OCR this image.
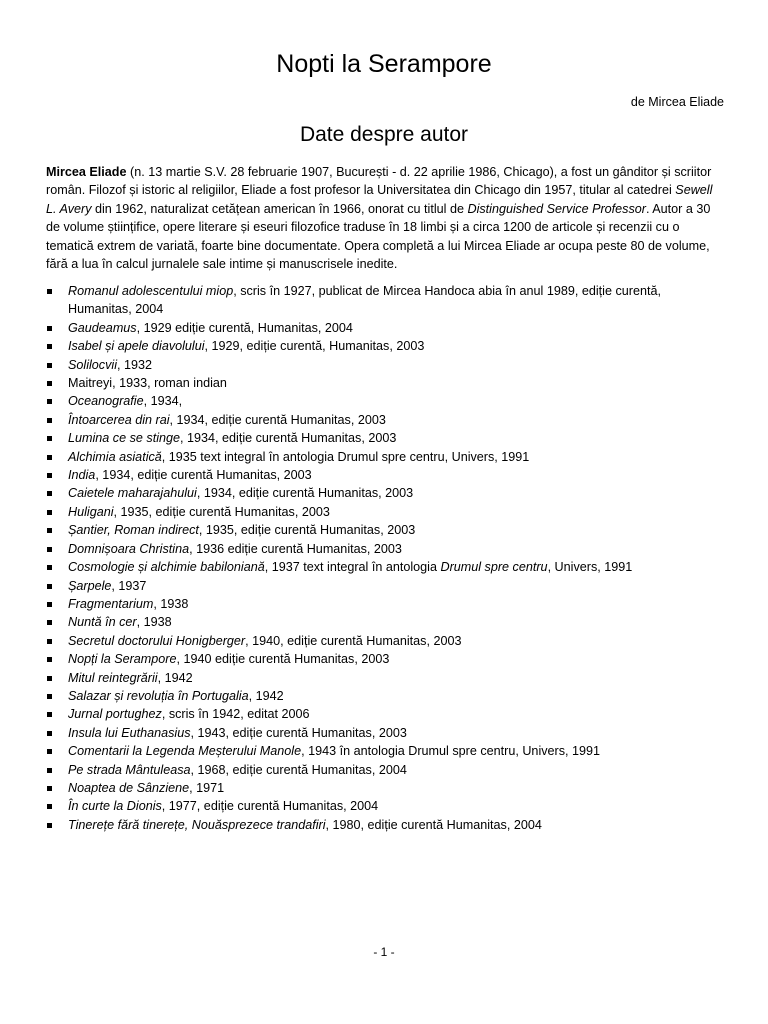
Nopti la Serampore
de Mircea Eliade
Date despre autor

Mircea Eliade (n. 13 martie S.V. 28 februarie 1907, București - d. 22 aprilie 1986, Chicago), a fost un gânditor și scriitor român. Filozof și istoric al religiilor, Eliade a fost profesor la Universitatea din Chicago din 1957, titular al catedrei Sewell L. Avery din 1962, naturalizat cetățean american în 1966, onorat cu titlul de Distinguished Service Professor. Autor a 30 de volume științifice, opere literare și eseuri filozofice traduse în 18 limbi și a circa 1200 de articole și recenzii cu o tematică extrem de variată, foarte bine documentate. Opera completă a lui Mircea Eliade ar ocupa peste 80 de volume, fără a lua în calcul jurnalele sale intime și manuscrisele inedite.

Romanul adolescentului miop, scris în 1927, publicat de Mircea Handoca abia în anul 1989, ediție curentă, Humanitas, 2004
Gaudeamus, 1929 ediție curentă, Humanitas, 2004
Isabel și apele diavolului, 1929, ediție curentă, Humanitas, 2003
Solilocvii, 1932
Maitreyi, 1933, roman indian
Oceanografie, 1934,
Întoarcerea din rai, 1934, ediție curentă Humanitas, 2003
Lumina ce se stinge, 1934, ediție curentă Humanitas, 2003
Alchimia asiatică, 1935 text integral în antologia Drumul spre centru, Univers, 1991
India, 1934, ediție curentă Humanitas, 2003
Caietele maharajahului, 1934, ediție curentă Humanitas, 2003
Huligani, 1935, ediție curentă Humanitas, 2003
Șantier, Roman indirect, 1935, ediție curentă Humanitas, 2003
Domnișoara Christina, 1936 ediție curentă Humanitas, 2003
Cosmologie și alchimie babiloniană, 1937 text integral în antologia Drumul spre centru, Univers, 1991
Șarpele, 1937
Fragmentarium, 1938
Nuntă în cer, 1938
Secretul doctorului Honigberger, 1940, ediție curentă Humanitas, 2003
Nopți la Serampore, 1940 ediție curentă Humanitas, 2003
Mitul reintegrării, 1942
Salazar și revoluția în Portugalia, 1942
Jurnal portughez, scris în 1942, editat 2006
Insula lui Euthanasius, 1943, ediție curentă Humanitas, 2003
Comentarii la Legenda Meșterului Manole, 1943 în antologia Drumul spre centru, Univers, 1991
Pe strada Mântuleasa, 1968, ediție curentă Humanitas, 2004
Noaptea de Sânziene, 1971
În curte la Dionis, 1977, ediție curentă Humanitas, 2004
Tinerețe fără tinerețe, Nouăsprezece trandafiri, 1980, ediție curentă Humanitas, 2004
- 1 -
